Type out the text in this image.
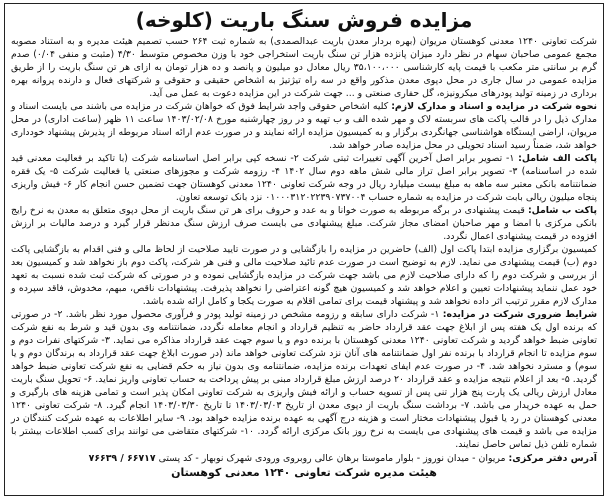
مزایده فروش سنگ باریت (کلوخه)

شرکت تعاونی ۱۲۴۰ معدنی کوهستان مریوان (بهره بردار معدن باریت عبدالصمدی) به شماره ثبت ۲۶۴ حسب تصمیم هیئت مدیره و به استناد مصوبه مجمع عمومی صاحبان سهام در نظر دارد میزان پانزده هزار تن سنگ باریت استخراجی خود با وزن مخصوص متوسط ۴/۳۰ (مثبت و منفی ۰/۰۴) صدم گرم بر سانتی متر مکعب با قیمت پایه کارشناسی ۳۵،۱۰۰،۰۰۰ ریال معادل دو میلیون و پانصد و ده هزار تومان به ازای هر تن سنگ باریت را از طریق مزایده عمومی در سال جاری در محل دپوی معدن مذکور واقع در سه راه تیژتیژ به اشخاص حقیقی و حقوقی و شرکتهای فعال و دارنده پروانه بهره برداری در زمینه تولید پودرهای میکرونیزه، گل حفاری صنعتی و ... جهت شرکت در این مزایده دعوت به عمل می آید.

نحوه شرکت در مزایده و اسناد و مدارک لازم: کلیه اشخاص حقوقی واجد شرایط فوق که خواهان شرکت در مزایده می باشند می بایست اسناد و مدارک ذیل را در قالب پاکت های سربسته لاک و مهر شده الف و ب تهیه و در روز چهارشنبه مورخ ۱۴۰۳/۰۲/۰۸ ساعت ۱۱ ظهر (ساعت اداری) در محل مریوان، اراضی ایستگاه هواشناسی جهانگردی برگزار و به کمیسیون مزایده ارائه نمایند و در صورت عدم ارائه اسناد مربوطه از پذیرش پیشنهاد خودداری خواهد شد، ضمناً رسید اسناد تحویلی در محل مزایده صادر خواهد شد.

پاکت الف شامل: ۱- تصویر برابر اصل آخرین آگهی تغییرات ثبتی شرکت ۲- نسخه کپی برابر اصل اساسنامه شرکت (با تاکید بر فعالیت معدنی قید شده در اساسنامه) ۳- تصویر برابر اصل تراز مالی شش ماهه دوم سال ۱۴۰۲ ۴- رزومه شرکت و مجوزهای صنعتی یا فعالیت شرکت ۵- یک فقره ضمانتنامه بانکی معتبر سه ماهه به مبلغ بیست میلیارد ریال در وجه شرکت تعاونی ۱۲۴۰ معدنی کوهستان جهت تضمین حسن انجام کار ۶- فیش واریزی پنجاه میلیون ریالی بابت شرکت در مزایده به شماره حساب ۰۱۰۰۰۳۱۲۰۲۲۳۹۰۷۳۷۰۰۴ نزد بانک توسعه تعاون.

پاکت ب شامل: قیمت پیشنهادی در برگه مربوطه به صورت خوانا و به عدد و حروف برای هر تن سنگ باریت از محل دپوی متعلق به معدن به نرخ رایج بانکی مرکزی با امضا و مهر صاحبان امضای مجاز شرکت. مبلغ پیشنهادی می بایست صرف ارزش سنگ مدنظر قرار گیرد و درصد مالیات بر ارزش افزوده در قیمت پیشنهادی اعمال نگردد.

کمیسیون برگزاری مزایده ابتدا پاکت اول (الف) حاضرین در مزایده را بازگشایی و در صورت تایید صلاحیت از لحاظ مالی و فنی اقدام به بازگشایی پاکت دوم (ب) قیمت پیشنهادی می نماید. لازم به توضیح است در صورت عدم تائید صلاحیت مالی و فنی هر شرکت، پاکت دوم باز نخواهد شد و کمیسیون بعد از بررسی و شرکت دوم را که دارای صلاحیت لازم می باشد جهت شرکت در مزایده بازگشایی نموده و در صورتی که شرکت ثبت شده نسبت به تعهد خود عمل ننماید پیشنهادات تعیین و اعلام خواهد شد و کمیسیون هیچ گونه اعتراضی را نخواهد پذیرفت. پیشنهادات ناقص، مبهم، مخدوش، فاقد سپرده و مدارک لازم مقرر ترتیب اثر داده نخواهد شد و پیشنهاد قیمت برای تمامی اقلام به صورت یکجا و کامل ارائه شده باشد.

شرایط ضروری شرکت در مزایده: ۱- شرکت دارای سابقه و رزومه مشخص در زمینه تولید پودر و فرآوری محصول مورد نظر باشد. ۲- در صورتی که برنده اول یک هفته پس از ابلاغ جهت عقد قرارداد حاضر به تنظیم قرارداد و انجام معامله نگردد، ضمانتنامه وی بدون قید و شرط به نفع شرکت تعاونی ضبط خواهد گردید و شرکت تعاونی ۱۲۴۰ معدنی کوهستان با برنده دوم و یا سوم جهت عقد قرارداد مذاکره می نماید. ۳- شرکتهای نفرات دوم و سوم مزایده تا انجام قرارداد با برنده نفر اول ضمانتنامه های آنان نزد شرکت تعاونی خواهد ماند (در صورت ابلاغ جهت عقد قرارداد به برندگان دوم و یا سوم) و مسترد نخواهد شد. ۴- در صورت عدم ایفای تعهدات برنده مزایده، ضمانتنامه وی بدون نیاز به حکم قضایی به نفع شرکت تعاونی ضبط خواهد گردید. ۵- بعد از اعلام نتیجه مزایده و عقد قرارداد ۲۰ درصد ارزش مبلغ قرارداد مبنی بر پیش پرداخت به حساب تعاونی واریز نماید. ۶- تحویل سنگ باریت معادل ارزش ریالی یک پارت پنج هزار تنی پس از تسویه حساب و ارائه فیش واریزی به شرکت تعاونی امکان پذیر است و تمامی هزینه های بارگیری و حمل به عهده خریدار می باشد. ۷- برداشت سنگ باریت از دپوی معدن از تاریخ ۱۴۰۳/۰۳/۰۳ تا تاریخ ۱۴۰۳/۰۳/۳۰ انجام گیرد. ۸- شرکت تعاونی ۱۲۴۰ معدنی کوهستان در رد یا قبول پیشنهادات مختار است و هزینه درج آگهی به عهده برنده مزایده خواهد بود. ۹- سایر اطلاعات به عهده شرکت کنندگان در مزایده می باشد و قیمت های پیشنهادی می بایست به نرخ روز بانک مرکزی ارائه گردد. ۱۰- شرکتهای متقاضی می توانند برای کسب اطلاعات بیشتر با شماره تلفن ذیل تماس حاصل نمایند.

آدرس دفتر مرکزی: مریوان - میدان نوروز - بلوار ماموستا برهان عالی روبروی ورودی شهرک نوبهار - کد پستی ۶۶۷۱۷ / ۷۶۶۳۹

هیئت مدیره شرکت تعاونی ۱۲۴۰ معدنی کوهستان
